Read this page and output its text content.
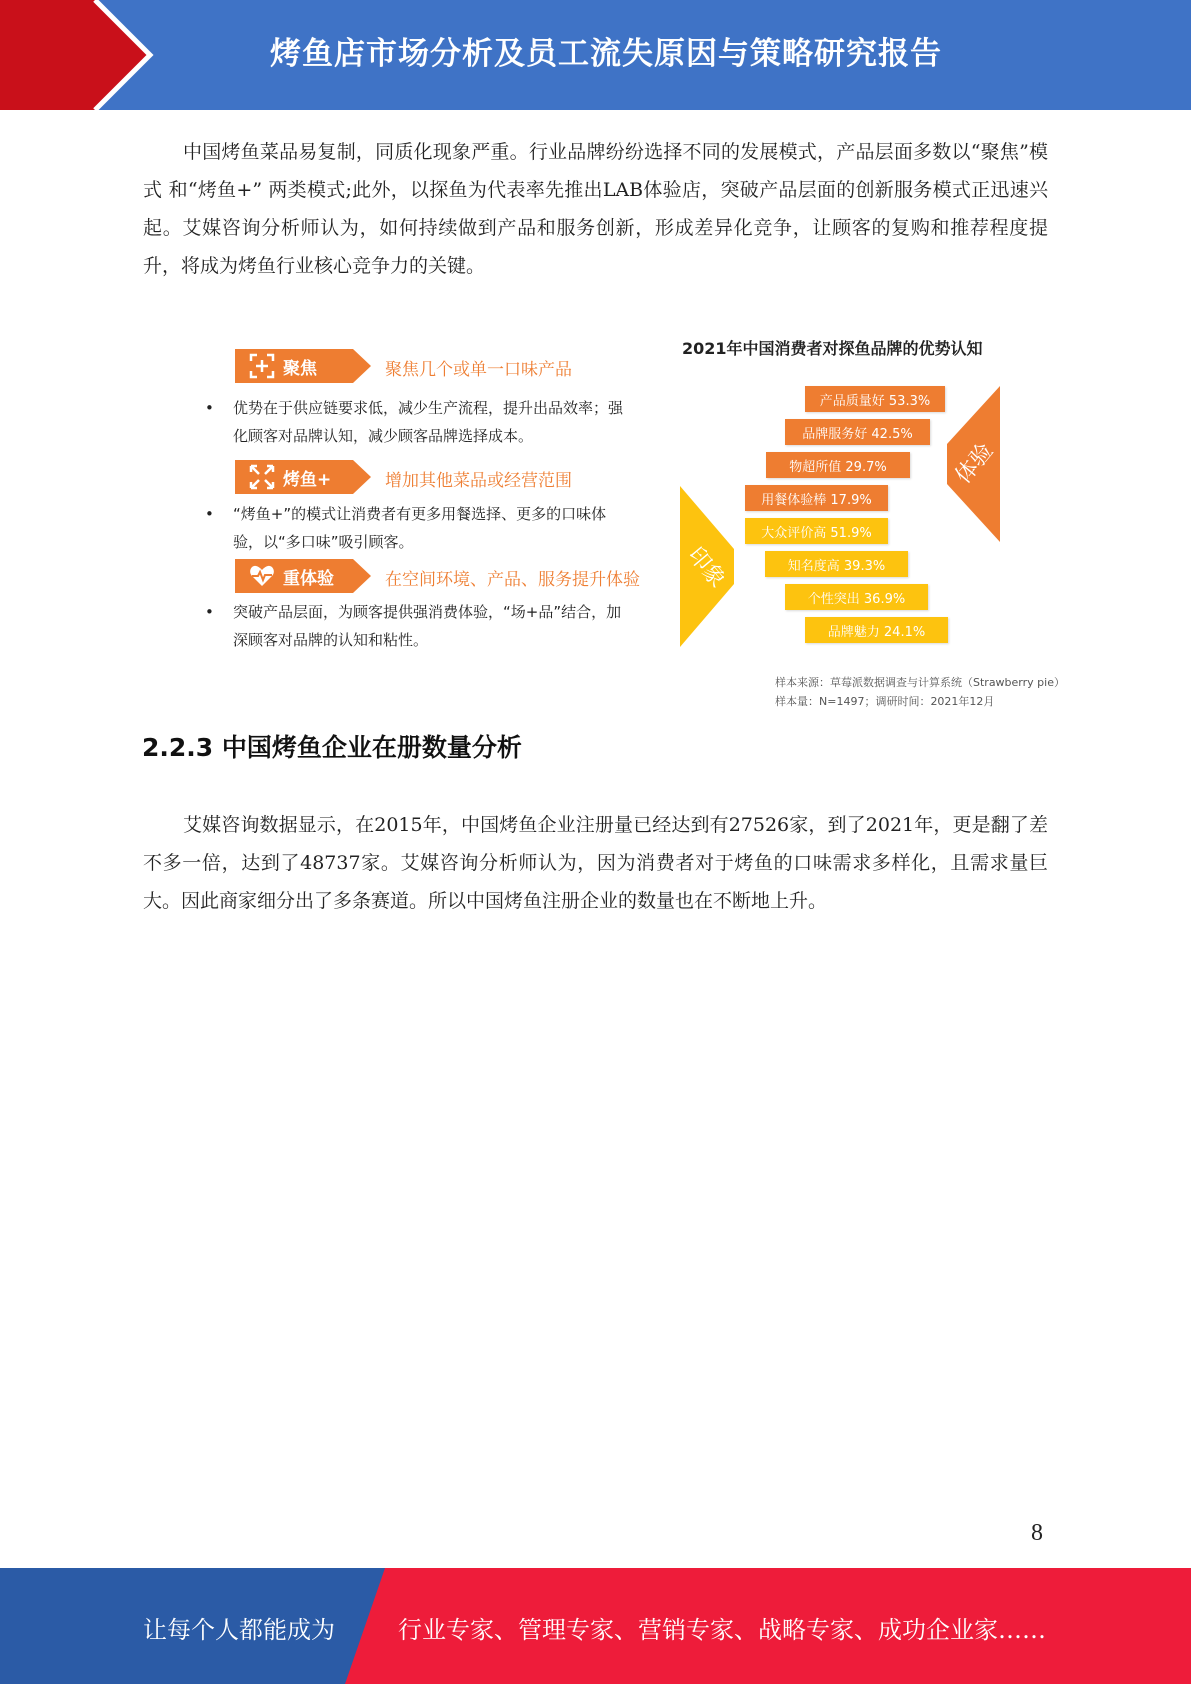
烤鱼店市场分析及员工流失原因与策略研究报告
中国烤鱼菜品易复制，同质化现象严重。行业品牌纷纷选择不同的发展模式，产品层面多数以“聚焦”模式 和“烤鱼+” 两类模式;此外，以探鱼为代表率先推出LAB体验店，突破产品层面的创新服务模式正迅速兴起。艾媒咨询分析师认为，如何持续做到产品和服务创新，形成差异化竞争，让顾客的复购和推荐程度提升，将成为烤鱼行业核心竞争力的关键。
聚焦	聚焦几个或单一口味产品
• 优势在于供应链要求低，减少生产流程，提升出品效率；强化顾客对品牌认知，减少顾客品牌选择成本。
烤鱼+	增加其他菜品或经营范围
• “烤鱼+”的模式让消费者有更多用餐选择、更多的口味体验，以“多口味”吸引顾客。
重体验	在空间环境、产品、服务提升体验
• 突破产品层面，为顾客提供强消费体验，“场+品”结合，加深顾客对品牌的认知和粘性。
2021年中国消费者对探鱼品牌的优势认知
体验
印象
产品质量好 53.3%
品牌服务好 42.5%
物超所值 29.7%
用餐体验棒 17.9%
大众评价高 51.9%
知名度高 39.3%
个性突出 36.9%
品牌魅力 24.1%
样本来源：草莓派数据调查与计算系统（Strawberry pie）
样本量：N=1497；调研时间：2021年12月
2.2.3 中国烤鱼企业在册数量分析
艾媒咨询数据显示，在2015年，中国烤鱼企业注册量已经达到有27526家，到了2021年，更是翻了差不多一倍，达到了48737家。艾媒咨询分析师认为，因为消费者对于烤鱼的口味需求多样化，且需求量巨大。因此商家细分出了多条赛道。所以中国烤鱼注册企业的数量也在不断地上升。
8
让每个人都能成为	行业专家、管理专家、营销专家、战略专家、成功企业家……
